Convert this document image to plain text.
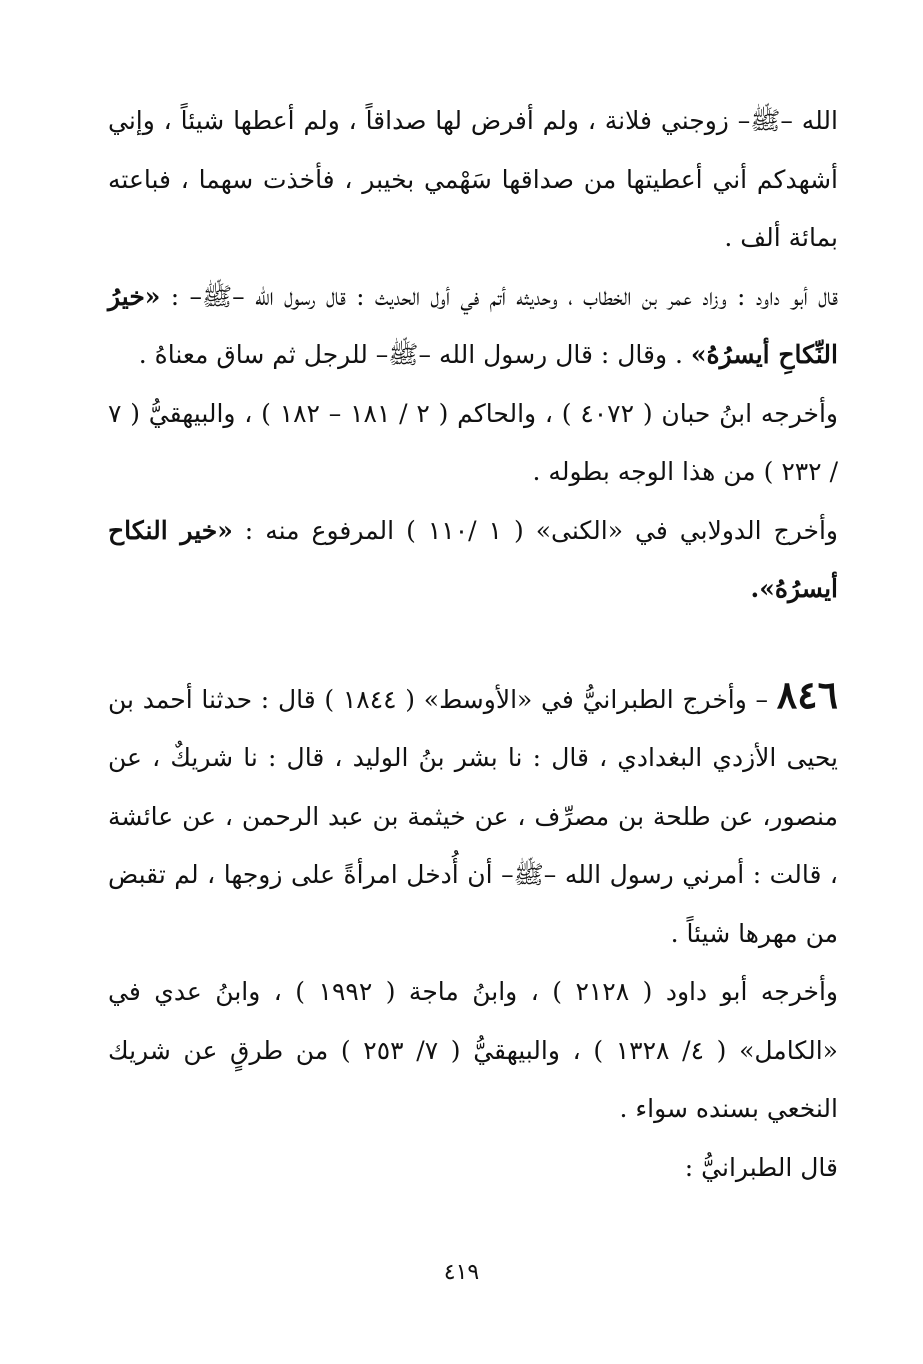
الله –ﷺ– زوجني فلانة ، ولم أفرض لها صداقاً ، ولم أعطها شيئاً ، وإني أشهدكم أني أعطيتها من صداقها سَهْمي بخيبر ، فأخذت سهما ، فباعته بمائة ألف .

قال أبو داود : وزاد عمر بن الخطاب ، وحديثه أتم في أول الحديث : قال رسول الله –ﷺ– : «خيرُ النِّكاحِ أيسرُهُ» . وقال : قال رسول الله –ﷺ– للرجل ثم ساق معناهُ .

وأخرجه ابنُ حبان ( ٤٠٧٢ ) ، والحاكم ( ٢ / ١٨١ – ١٨٢ ) ، والبيهقيُّ ( ٧ / ٢٣٢ ) من هذا الوجه بطوله .

وأخرج الدولابي في «الكنى» ( ١ /١١٠ ) المرفوع منه : «خير النكاح أيسرُهُ».

٨٤٦ – وأخرج الطبرانيُّ في «الأوسط» ( ١٨٤٤ ) قال : حدثنا أحمد بن يحيى الأزدي البغدادي ، قال : نا بشر بنُ الوليد ، قال : نا شريكٌ ، عن منصور، عن طلحة بن مصرِّف ، عن خيثمة بن عبد الرحمن ، عن عائشة ، قالت : أمرني رسول الله –ﷺ– أن أُدخل امرأةً على زوجها ، لم تقبض من مهرها شيئاً .

وأخرجه أبو داود ( ٢١٢٨ ) ، وابنُ ماجة ( ١٩٩٢ ) ، وابنُ عدي في «الكامل» ( ٤/ ١٣٢٨ ) ، والبيهقيُّ ( ٧/ ٢٥٣ ) من طرقٍ عن شريك النخعي بسنده سواء .

قال الطبرانيُّ :

٤١٩
